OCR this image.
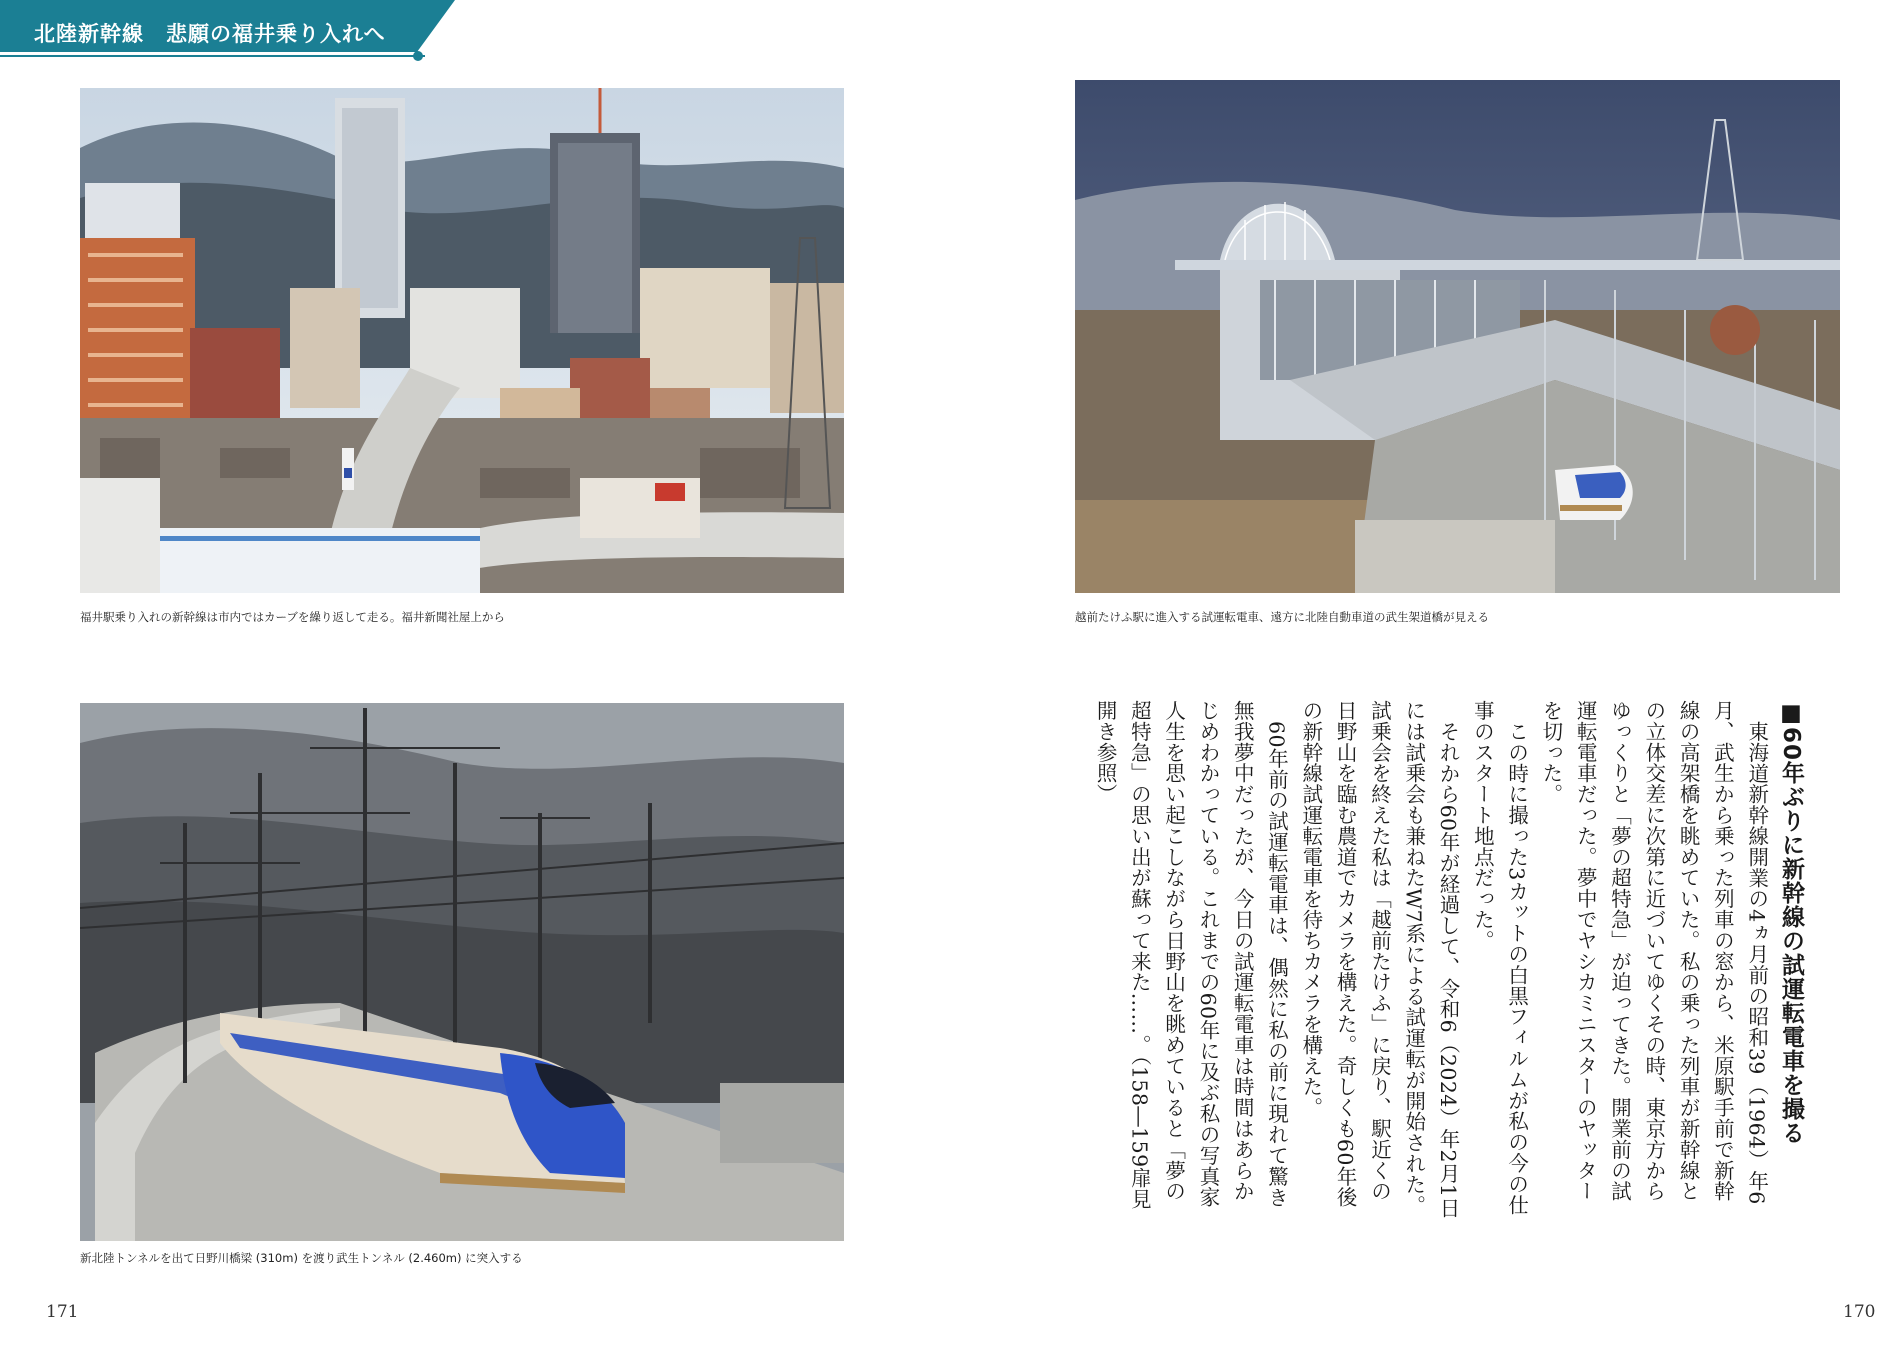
北陸新幹線　悲願の福井乗り入れへ
福井駅乗り入れの新幹線は市内ではカーブを繰り返して走る。福井新聞社屋上から	越前たけふ駅に進入する試運転電車、遠方に北陸自動車道の武生架道橋が見える
新北陸トンネルを出て日野川橋梁 (310m) を渡り武生トンネル (2.460m) に突入する
■60年ぶりに新幹線の試運転電車を撮る
東海道新幹線開業の4ヵ月前の昭和39（1964）年6月、武生から乗った列車の窓から、米原駅手前で新幹線の高架橋を眺めていた。私の乗った列車が新幹線との立体交差に次第に近づいてゆくその時、東京方からゆっくりと「夢の超特急」が迫ってきた。開業前の試運転電車だった。夢中でヤシカミニスターのヤッターを切った。
この時に撮った3カットの白黒フィルムが私の今の仕事のスタート地点だった。
それから60年が経過して、令和6（2024）年2月1日には試乗会も兼ねたW7系による試運転が開始された。試乗会を終えた私は「越前たけふ」に戻り、駅近くの日野山を臨む農道でカメラを構えた。奇しくも60年後の新幹線試運転電車を待ちカメラを構えた。
60年前の試運転電車は、偶然に私の前に現れて驚き無我夢中だったが、今日の試運転電車は時間はあらかじめわかっている。これまでの60年に及ぶ私の写真家人生を思い起こしながら日野山を眺めていると「夢の超特急」の思い出が蘇って来た……。（158―159扉見開き参照）
171	170
